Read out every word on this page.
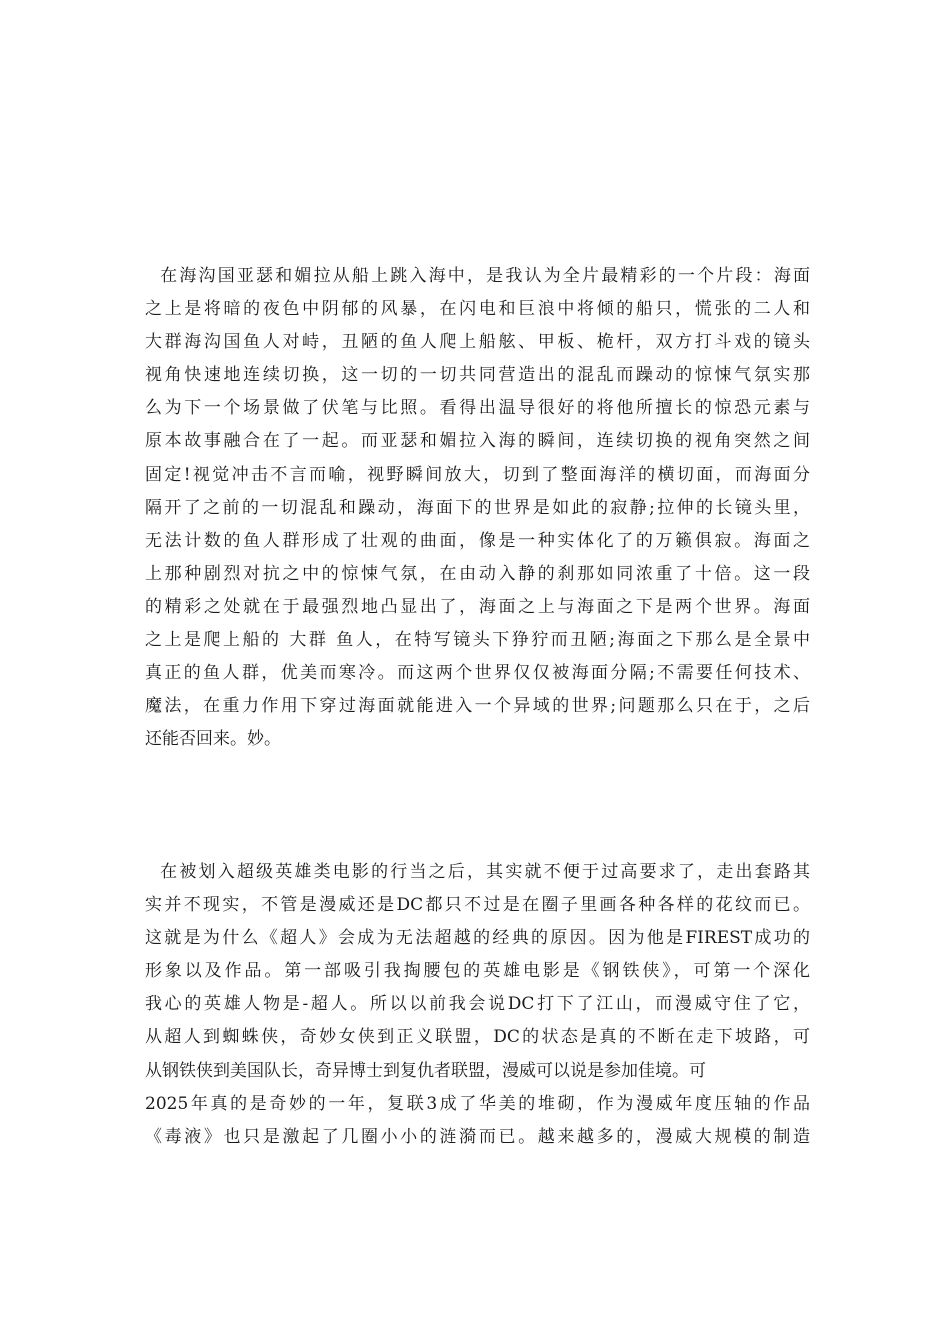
在海沟国亚瑟和媚拉从船上跳入海中，是我认为全片最精彩的一个片段：海面
之上是将暗的夜色中阴郁的风暴，在闪电和巨浪中将倾的船只，慌张的二人和
大群海沟国鱼人对峙，丑陋的鱼人爬上船舷、甲板、桅杆，双方打斗戏的镜头
视角快速地连续切换，这一切的一切共同营造出的混乱而躁动的惊悚气氛实那
么为下一个场景做了伏笔与比照。看得出温导很好的将他所擅长的惊恐元素与
原本故事融合在了一起。而亚瑟和媚拉入海的瞬间，连续切换的视角突然之间
固定!视觉冲击不言而喻，视野瞬间放大，切到了整面海洋的横切面，而海面分
隔开了之前的一切混乱和躁动，海面下的世界是如此的寂静;拉伸的长镜头里，
无法计数的鱼人群形成了壮观的曲面，像是一种实体化了的万籁俱寂。海面之
上那种剧烈对抗之中的惊悚气氛，在由动入静的刹那如同浓重了十倍。这一段
的精彩之处就在于最强烈地凸显出了，海面之上与海面之下是两个世界。海面
之上是爬上船的 大群 鱼人，在特写镜头下狰狞而丑陋;海面之下那么是全景中
真正的鱼人群，优美而寒冷。而这两个世界仅仅被海面分隔;不需要任何技术、
魔法，在重力作用下穿过海面就能进入一个异域的世界;问题那么只在于，之后
还能否回来。妙。
在被划入超级英雄类电影的行当之后，其实就不便于过高要求了，走出套路其
实并不现实，不管是漫威还是DC都只不过是在圈子里画各种各样的花纹而已。
这就是为什么《超人》会成为无法超越的经典的原因。因为他是FIREST成功的
形象以及作品。第一部吸引我掏腰包的英雄电影是《钢铁侠》，可第一个深化
我心的英雄人物是-超人。所以以前我会说DC打下了江山，而漫威守住了它，
从超人到蜘蛛侠，奇妙女侠到正义联盟，DC的状态是真的不断在走下坡路，可
从钢铁侠到美国队长，奇异博士到复仇者联盟，漫威可以说是参加佳境。可
2025年真的是奇妙的一年，复联3成了华美的堆砌，作为漫威年度压轴的作品
《毒液》也只是激起了几圈小小的涟漪而已。越来越多的，漫威大规模的制造
